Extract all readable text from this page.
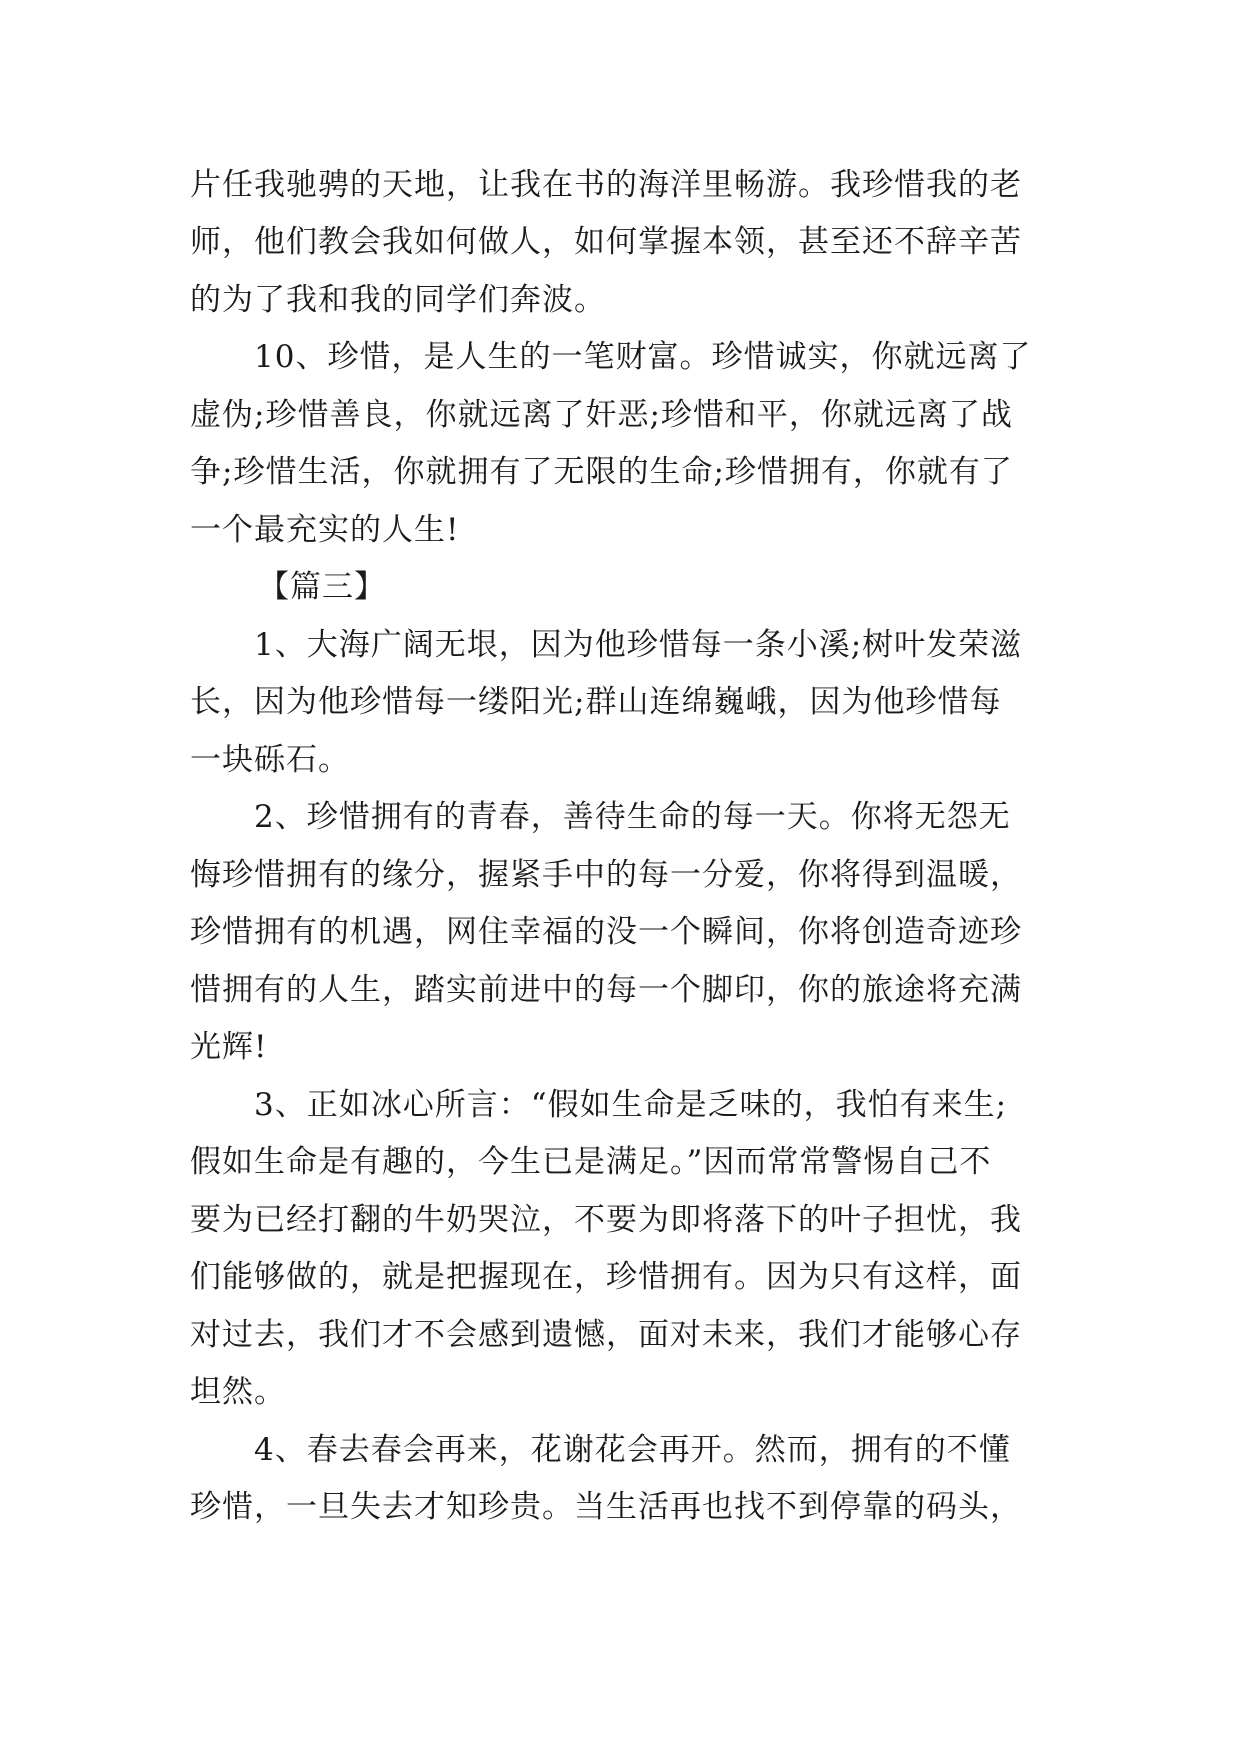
片任我驰骋的天地，让我在书的海洋里畅游。我珍惜我的老
师，他们教会我如何做人，如何掌握本领，甚至还不辞辛苦
的为了我和我的同学们奔波。
10、珍惜，是人生的一笔财富。珍惜诚实，你就远离了
虚伪;珍惜善良，你就远离了奸恶;珍惜和平，你就远离了战
争;珍惜生活，你就拥有了无限的生命;珍惜拥有，你就有了
一个最充实的人生!
【篇三】
1、大海广阔无垠，因为他珍惜每一条小溪;树叶发荣滋
长，因为他珍惜每一缕阳光;群山连绵巍峨，因为他珍惜每
一块砾石。
2、珍惜拥有的青春，善待生命的每一天。你将无怨无
悔珍惜拥有的缘分，握紧手中的每一分爱，你将得到温暖，
珍惜拥有的机遇，网住幸福的没一个瞬间，你将创造奇迹珍
惜拥有的人生，踏实前进中的每一个脚印，你的旅途将充满
光辉!
3、正如冰心所言：“假如生命是乏味的，我怕有来生;
假如生命是有趣的，今生已是满足。”因而常常警惕自己不
要为已经打翻的牛奶哭泣，不要为即将落下的叶子担忧，我
们能够做的，就是把握现在，珍惜拥有。因为只有这样，面
对过去，我们才不会感到遗憾，面对未来，我们才能够心存
坦然。
4、春去春会再来，花谢花会再开。然而，拥有的不懂
珍惜，一旦失去才知珍贵。当生活再也找不到停靠的码头，
